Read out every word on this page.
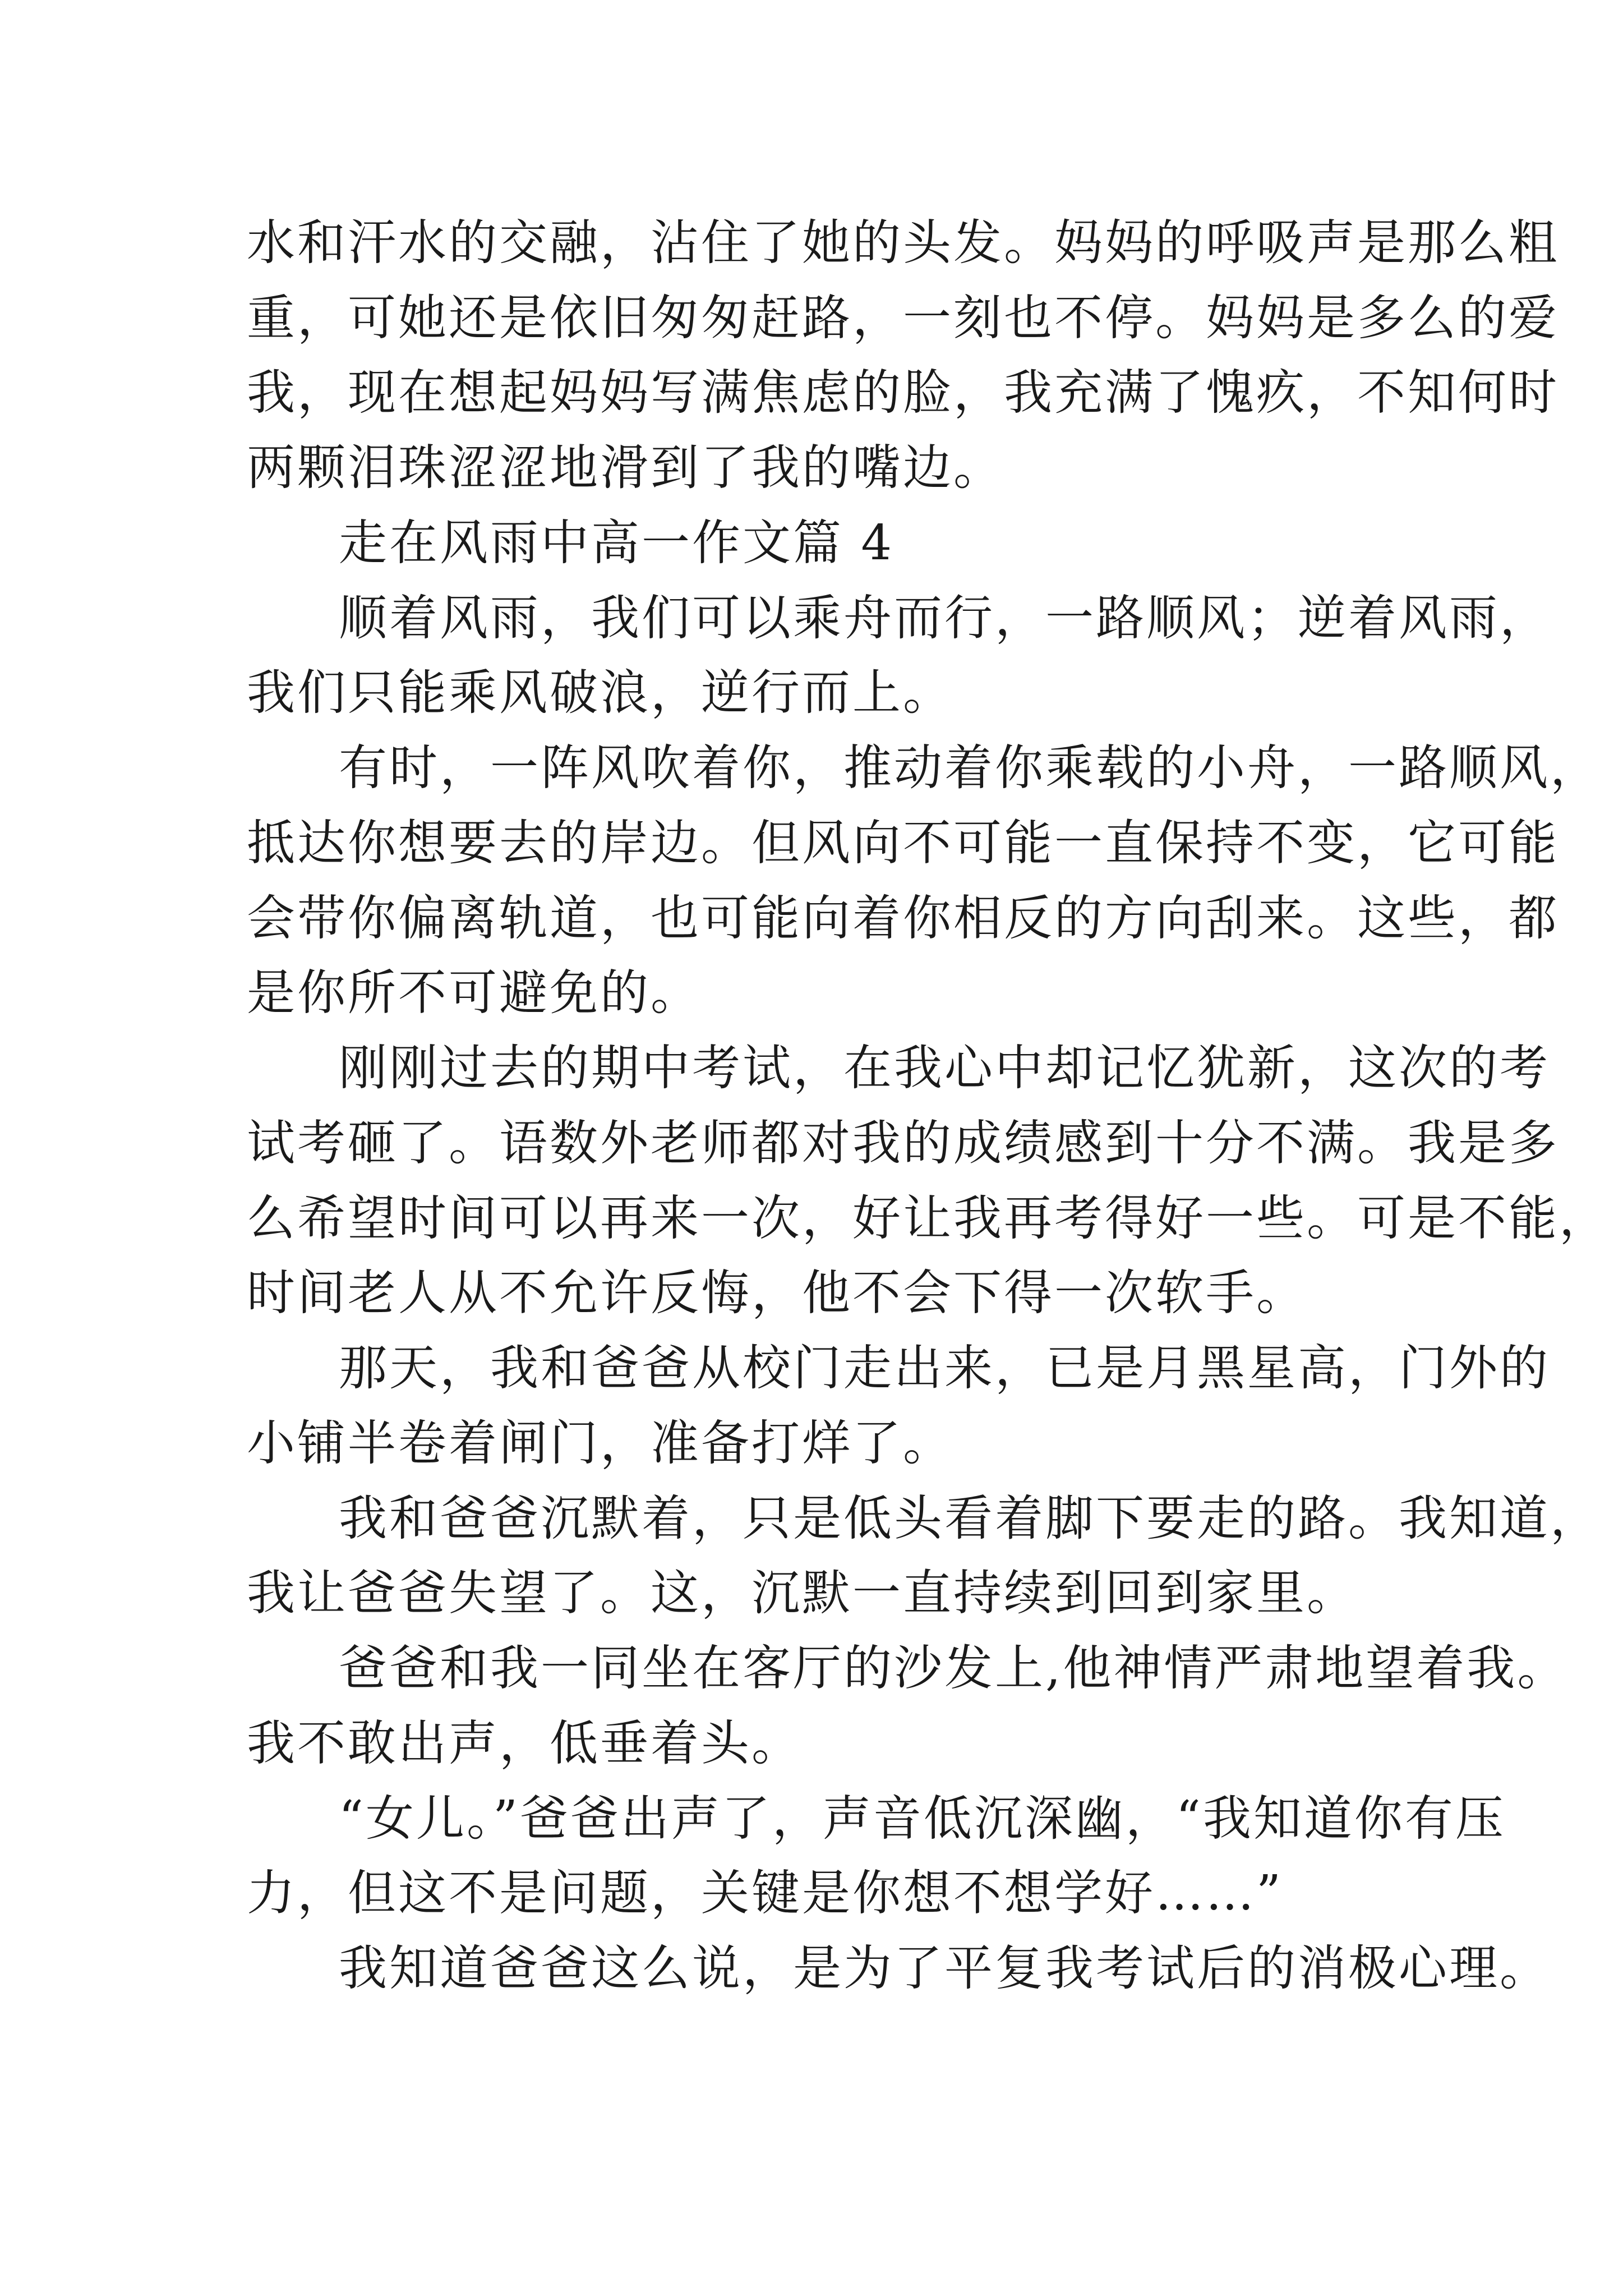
水和汗水的交融，沾住了她的头发。妈妈的呼吸声是那么粗
重，可她还是依旧匆匆赶路，一刻也不停。妈妈是多么的爱
我，现在想起妈妈写满焦虑的脸，我充满了愧疚，不知何时
两颗泪珠涩涩地滑到了我的嘴边。
走在风雨中高一作文篇 4
顺着风雨，我们可以乘舟而行，一路顺风；逆着风雨，
我们只能乘风破浪，逆行而上。
有时，一阵风吹着你，推动着你乘载的小舟，一路顺风，
抵达你想要去的岸边。但风向不可能一直保持不变，它可能
会带你偏离轨道，也可能向着你相反的方向刮来。这些，都
是你所不可避免的。
刚刚过去的期中考试，在我心中却记忆犹新，这次的考
试考砸了。语数外老师都对我的成绩感到十分不满。我是多
么希望时间可以再来一次，好让我再考得好一些。可是不能，
时间老人从不允许反悔，他不会下得一次软手。
那天，我和爸爸从校门走出来，已是月黑星高，门外的
小铺半卷着闸门，准备打烊了。
我和爸爸沉默着，只是低头看着脚下要走的路。我知道，
我让爸爸失望了。这，沉默一直持续到回到家里。
爸爸和我一同坐在客厅的沙发上,他神情严肃地望着我。
我不敢出声，低垂着头。
“女儿。”爸爸出声了，声音低沉深幽，“我知道你有压
力，但这不是问题，关键是你想不想学好……”
我知道爸爸这么说，是为了平复我考试后的消极心理。
